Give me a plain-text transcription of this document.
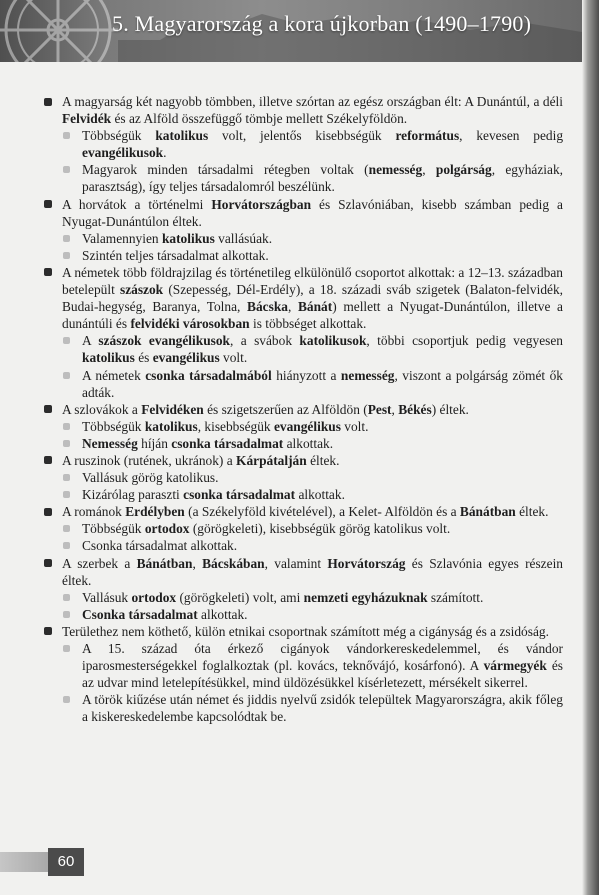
5. Magyarország a kora újkorban (1490–1790)
A magyarság két nagyobb tömbben, illetve szórtan az egész országban élt: A Dunántúl, a déli Felvidék és az Alföld összefüggő tömbje mellett Székelyföldön.
Többségük katolikus volt, jelentős kisebbségük református, kevesen pedig evangélikusok.
Magyarok minden társadalmi rétegben voltak (nemesség, polgárság, egyháziak, parasztság), így teljes társadalomról beszélünk.
A horvátok a történelmi Horvátországban és Szlavóniában, kisebb számban pedig a Nyugat-Dunántúlon éltek.
Valamennyien katolikus vallásúak.
Szintén teljes társadalmat alkottak.
A németek több földrajzilag és történetileg elkülönülő csoportot alkottak: a 12–13. században betelepült szászok (Szepesség, Dél-Erdély), a 18. századi sváb szigetek (Balaton-felvidék, Budai-hegység, Baranya, Tolna, Bácska, Bánát) mellett a Nyugat-Dunántúlon, illetve a dunántúli és felvidéki városokban is többséget alkottak.
A szászok evangélikusok, a svábok katolikusok, többi csoportjuk pedig vegyesen katolikus és evangélikus volt.
A németek csonka társadalmából hiányzott a nemesség, viszont a polgárság zömét ők adták.
A szlovákok a Felvidéken és szigetszerűen az Alföldön (Pest, Békés) éltek.
Többségük katolikus, kisebbségük evangélikus volt.
Nemesség híján csonka társadalmat alkottak.
A ruszinok (rutének, ukránok) a Kárpátalján éltek.
Vallásuk görög katolikus.
Kizárólag paraszti csonka társadalmat alkottak.
A románok Erdélyben (a Székelyföld kivételével), a Kelet- Alföldön és a Bánátban éltek.
Többségük ortodox (görögkeleti), kisebbségük görög katolikus volt.
Csonka társadalmat alkottak.
A szerbek a Bánátban, Bácskában, valamint Horvátország és Szlavónia egyes részein éltek.
Vallásuk ortodox (görögkeleti) volt, ami nemzeti egyházuknak számított.
Csonka társadalmat alkottak.
Területhez nem köthető, külön etnikai csoportnak számított még a cigányság és a zsidóság.
A 15. század óta érkező cigányok vándorkereskedelemmel, és vándor iparosmesterségekkel foglalkoztak (pl. kovács, teknővájó, kosárfonó). A vármegyék és az udvar mind letelepítésükkel, mind üldözésükkel kísérletezett, mérsékelt sikerrel.
A török kiűzése után német és jiddis nyelvű zsidók települtek Magyarországra, akik főleg a kiskereskedelembe kapcsolódtak be.
60
